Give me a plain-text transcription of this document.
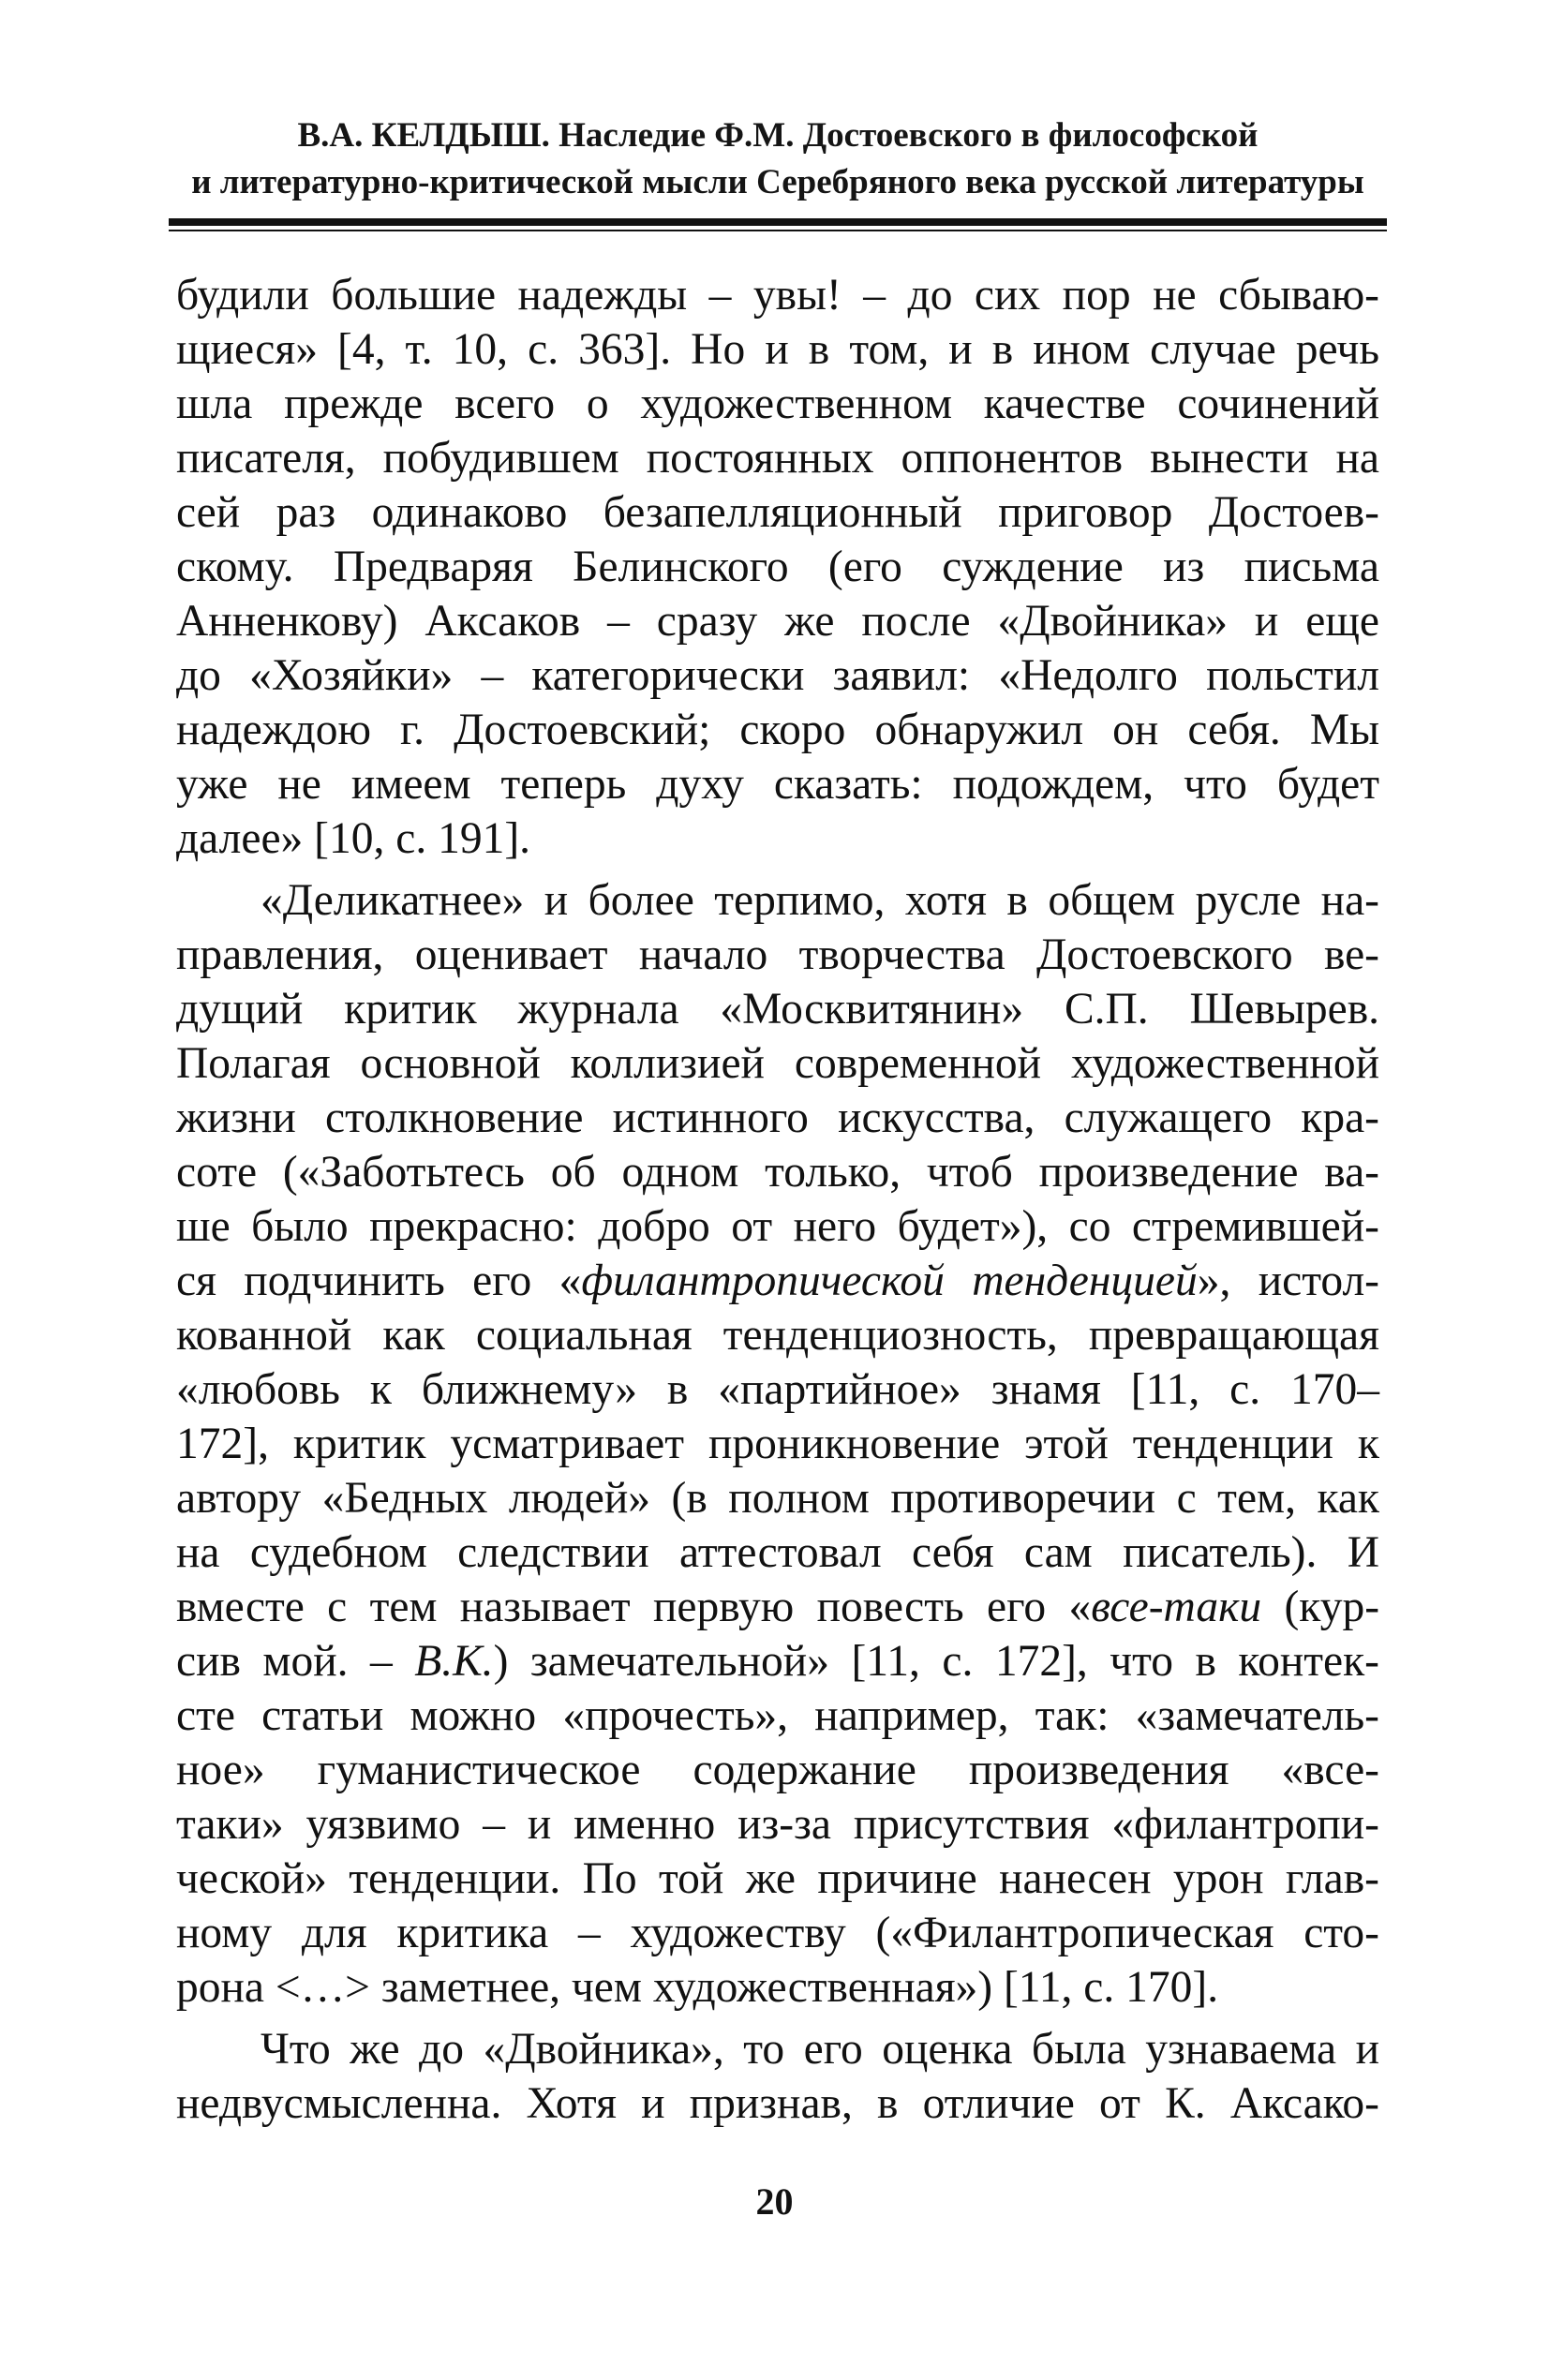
В.А. КЕЛДЫШ. Наследие Ф.М. Достоевского в философской
и литературно-критической мысли Серебряного века русской литературы
будили большие надежды – увы! – до сих пор не сбываю-
щиеся» [4, т. 10, с. 363]. Но и в том, и в ином случае речь
шла прежде всего о художественном качестве сочинений
писателя, побудившем постоянных оппонентов вынести на
сей раз одинаково безапелляционный приговор Достоев-
скому. Предваряя Белинского (его суждение из письма
Анненкову) Аксаков – сразу же после «Двойника» и еще
до «Хозяйки» – категорически заявил: «Недолго польстил
надеждою г. Достоевский; скоро обнаружил он себя. Мы
уже не имеем теперь духу сказать: подождем, что будет
далее» [10, с. 191].
«Деликатнее» и более терпимо, хотя в общем русле на-
правления, оценивает начало творчества Достоевского ве-
дущий критик журнала «Москвитянин» С.П. Шевырев.
Полагая основной коллизией современной художественной
жизни столкновение истинного искусства, служащего кра-
соте («Заботьтесь об одном только, чтоб произведение ва-
ше было прекрасно: добро от него будет»), со стремившей-
ся подчинить его «филантропической тенденцией», истол-
кованной как социальная тенденциозность, превращающая
«любовь к ближнему» в «партийное» знамя [11, с. 170–
172], критик усматривает проникновение этой тенденции к
автору «Бедных людей» (в полном противоречии с тем, как
на судебном следствии аттестовал себя сам писатель). И
вместе с тем называет первую повесть его «все-таки (кур-
сив мой. – В.К.) замечательной» [11, с. 172], что в контек-
сте статьи можно «прочесть», например, так: «замечатель-
ное» гуманистическое содержание произведения «все-
таки» уязвимо – и именно из-за присутствия «филантропи-
ческой» тенденции. По той же причине нанесен урон глав-
ному для критика – художеству («Филантропическая сто-
рона <…> заметнее, чем художественная») [11, с. 170].
Что же до «Двойника», то его оценка была узнаваема и
недвусмысленна. Хотя и признав, в отличие от К. Аксако-
20
